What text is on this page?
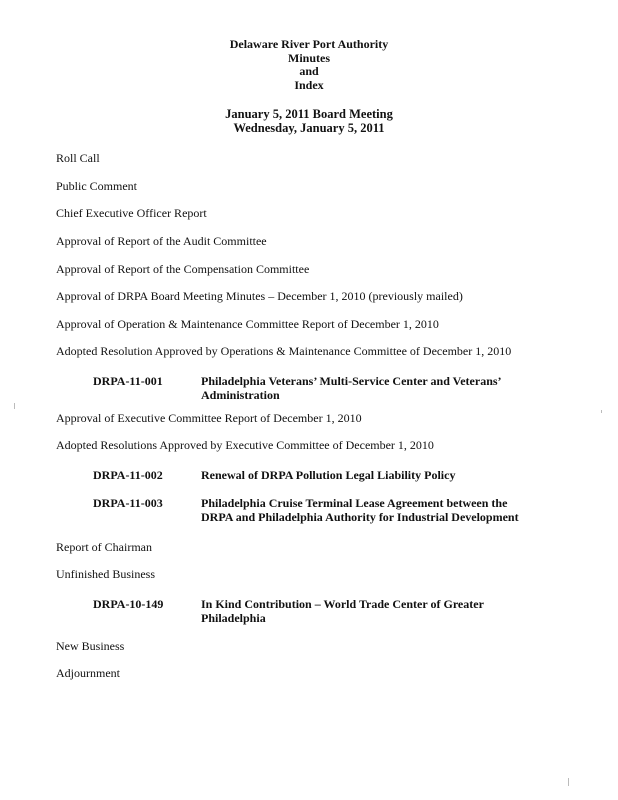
Delaware River Port Authority
Minutes
and
Index
January 5, 2011 Board Meeting
Wednesday, January 5, 2011
Roll Call
Public Comment
Chief Executive Officer Report
Approval of Report of the Audit Committee
Approval of Report of the Compensation Committee
Approval of DRPA Board Meeting Minutes – December 1, 2010 (previously mailed)
Approval of Operation & Maintenance Committee Report of December 1, 2010
Adopted Resolution Approved by Operations & Maintenance Committee of December 1, 2010
DRPA-11-001	Philadelphia Veterans’ Multi-Service Center and Veterans’ Administration
Approval of Executive Committee Report of December 1, 2010
Adopted Resolutions Approved by Executive Committee of December 1, 2010
DRPA-11-002	Renewal of DRPA Pollution Legal Liability Policy
DRPA-11-003	Philadelphia Cruise Terminal Lease Agreement between the DRPA and Philadelphia Authority for Industrial Development
Report of Chairman
Unfinished Business
DRPA-10-149	In Kind Contribution – World Trade Center of Greater Philadelphia
New Business
Adjournment
